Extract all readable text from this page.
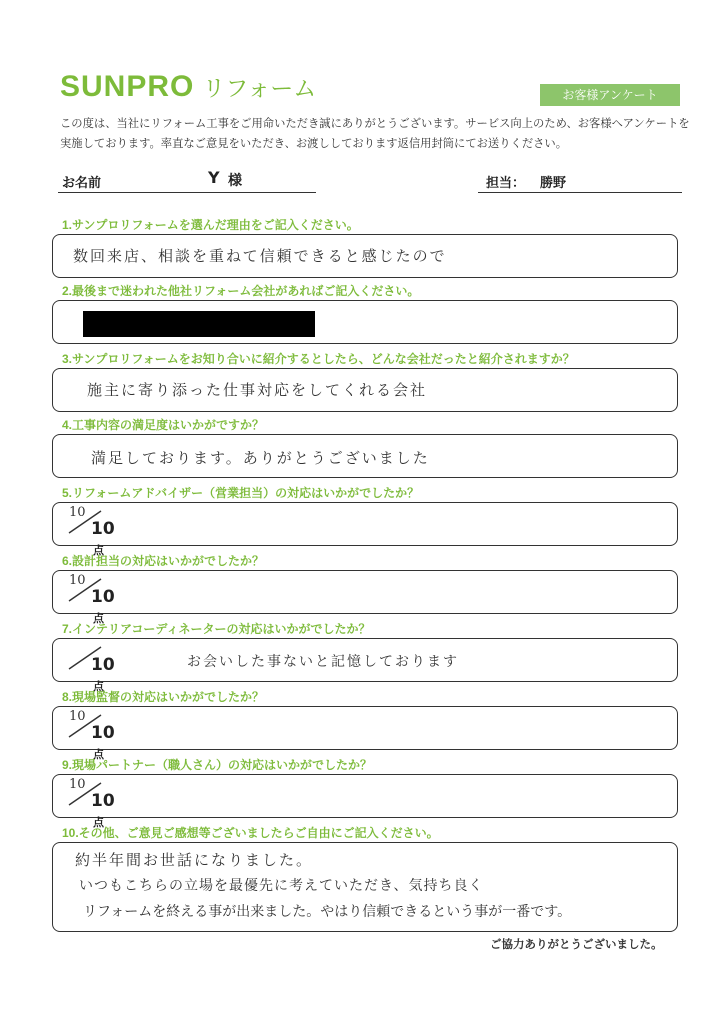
SUNPRO リフォーム	お客様アンケート
この度は、当社にリフォーム工事をご用命いただき誠にありがとうございます。サービス向上のため、お客様へアンケートを実施しております。率直なご意見をいただき、お渡ししております返信用封筒にてお送りください。
お名前	Y 様	担当： 勝野
1.サンプロリフォームを選んだ理由をご記入ください。
数回来店、相談を重ねて信頼できると感じたので
2.最後まで迷われた他社リフォーム会社があればご記入ください。
3.サンプロリフォームをお知り合いに紹介するとしたら、どんな会社だったと紹介されますか？
施主に寄り添った仕事対応をしてくれる会社
4.工事内容の満足度はいかがですか？
満足しております。ありがとうございました
5.リフォームアドバイザー（営業担当）の対応はいかがでしたか？
10
10点
6.設計担当の対応はいかがでしたか？
10
10点
7.インテリアコーディネーターの対応はいかがでしたか？
10点
お会いした事ないと記憶しております
8.現場監督の対応はいかがでしたか？
10
10点
9.現場パートナー（職人さん）の対応はいかがでしたか？
10
10点
10.その他、ご意見ご感想等ございましたらご自由にご記入ください。
約半年間お世話になりました。
いつもこちらの立場を最優先に考えていただき、気持ち良く
リフォームを終える事が出来ました。やはり信頼できるという事が一番です。
ご協力ありがとうございました。
